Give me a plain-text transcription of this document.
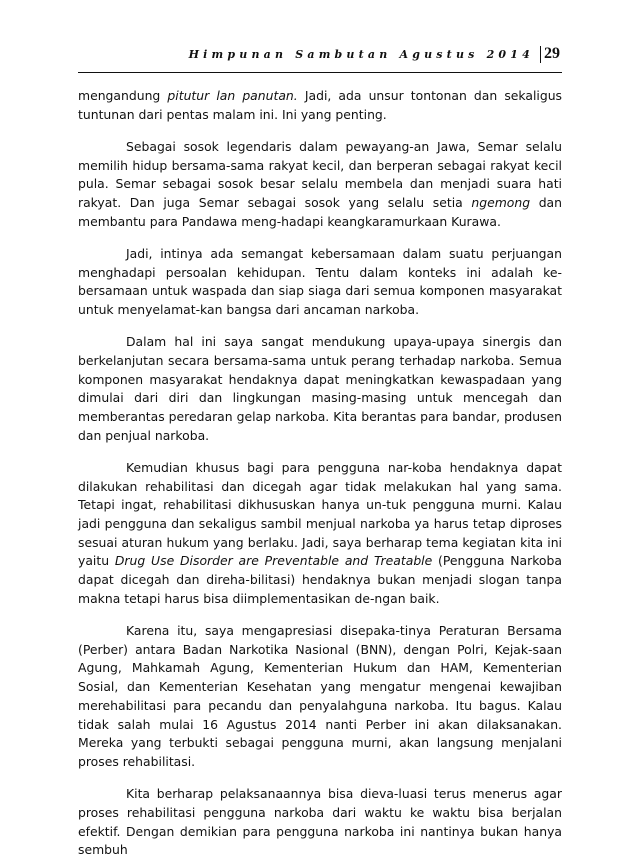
Himpunan Sambutan Agustus 2014 29

mengandung pitutur lan panutan. Jadi, ada unsur tontonan dan sekaligus tuntunan dari pentas malam ini. Ini yang penting.

Sebagai sosok legendaris dalam pewayang-an Jawa, Semar selalu memilih hidup bersama-sama rakyat kecil, dan berperan sebagai rakyat kecil pula. Semar sebagai sosok besar selalu membela dan menjadi suara hati rakyat. Dan juga Semar sebagai sosok yang selalu setia ngemong dan membantu para Pandawa meng-hadapi keangkaramurkaan Kurawa.

Jadi, intinya ada semangat kebersamaan dalam suatu perjuangan menghadapi persoalan kehidupan. Tentu dalam konteks ini adalah ke-bersamaan untuk waspada dan siap siaga dari semua komponen masyarakat untuk menyelamat-kan bangsa dari ancaman narkoba.

Dalam hal ini saya sangat mendukung upaya-upaya sinergis dan berkelanjutan secara bersama-sama untuk perang terhadap narkoba. Semua komponen masyarakat hendaknya dapat meningkatkan kewaspadaan yang dimulai dari diri dan lingkungan masing-masing untuk mencegah dan memberantas peredaran gelap narkoba. Kita berantas para bandar, produsen dan penjual narkoba.

Kemudian khusus bagi para pengguna nar-koba hendaknya dapat dilakukan rehabilitasi dan dicegah agar tidak melakukan hal yang sama. Tetapi ingat, rehabilitasi dikhususkan hanya un-tuk pengguna murni. Kalau jadi pengguna dan sekaligus sambil menjual narkoba ya harus tetap diproses sesuai aturan hukum yang berlaku. Jadi, saya berharap tema kegiatan kita ini yaitu Drug Use Disorder are Preventable and Treatable (Pengguna Narkoba dapat dicegah dan direha-bilitasi) hendaknya bukan menjadi slogan tanpa makna tetapi harus bisa diimplementasikan de-ngan baik.

Karena itu, saya mengapresiasi disepaka-tinya Peraturan Bersama (Perber) antara Badan Narkotika Nasional (BNN), dengan Polri, Kejak-saan Agung, Mahkamah Agung, Kementerian Hukum dan HAM, Kementerian Sosial, dan Kementerian Kesehatan yang mengatur mengenai kewajiban merehabilitasi para pecandu dan penyalahguna narkoba. Itu bagus. Kalau tidak salah mulai 16 Agustus 2014 nanti Perber ini akan dilaksanakan. Mereka yang terbukti sebagai pengguna murni, akan langsung menjalani proses rehabilitasi.

Kita berharap pelaksanaannya bisa dieva-luasi terus menerus agar proses rehabilitasi pengguna narkoba dari waktu ke waktu bisa berjalan efektif. Dengan demikian para pengguna narkoba ini nantinya bukan hanya sembuh
